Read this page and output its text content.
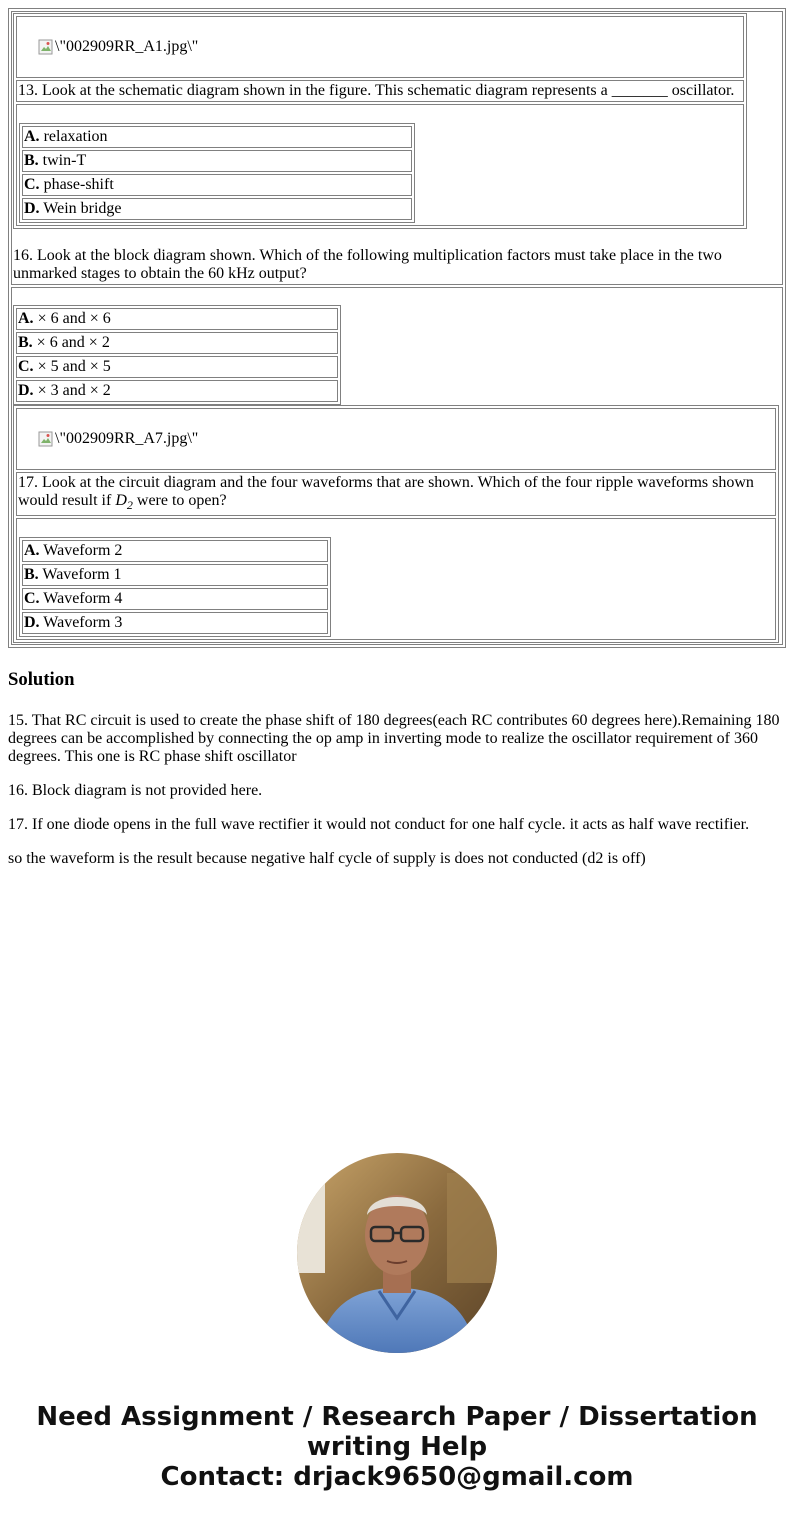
\"002909RR_A1.jpg\"

13. Look at the schematic diagram shown in the figure. This schematic diagram represents a _______ oscillator.

A. relaxation
B. twin-T
C. phase-shift
D. Wein bridge
16. Look at the block diagram shown. Which of the following multiplication factors must take place in the two unmarked stages to obtain the 60 kHz output?

A. × 6 and × 6
B. × 6 and × 2
C. × 5 and × 5
D. × 3 and × 2
\"002909RR_A7.jpg\"

17. Look at the circuit diagram and the four waveforms that are shown. Which of the four ripple waveforms shown would result if $D_2$ were to open?

A. Waveform 2
B. Waveform 1
C. Waveform 4
D. Waveform 3
Solution

15. That RC circuit is used to create the phase shift of 180 degrees(each RC contributes 60 degrees here).Remaining 180 degrees can be accomplished by connecting the op amp in inverting mode to realize the oscillator requirement of 360 degrees. This one is RC phase shift oscillator

16. Block diagram is not provided here.

17. If one diode opens in the full wave rectifier it would not conduct for one half cycle. it acts as half wave rectifier.

so the waveform is the result because negative half cycle of supply is does not conducted (d2 is off)

Need Assignment / Research Paper / Dissertation
writing Help
Contact: drjack9650@gmail.com
